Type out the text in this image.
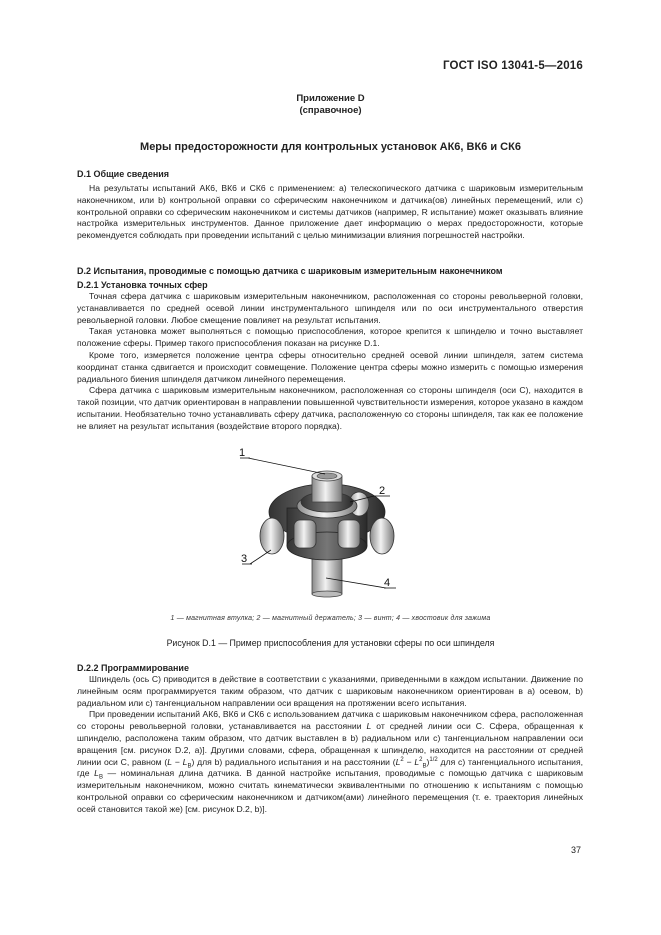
ГОСТ ISO 13041-5—2016
Приложение D
(справочное)
Меры предосторожности для контрольных установок АК6, ВК6 и СК6
D.1 Общие сведения

На результаты испытаний АК6, ВК6 и СК6 с применением: а) телескопического датчика с шариковым измерительным наконечником, или b) контрольной оправки со сферическим наконечником и датчика(ов) линейных перемещений, или с) контрольной оправки со сферическим наконечником и системы датчиков (например, R испытание) может оказывать влияние настройка измерительных инструментов. Данное приложение дает информацию о мерах предосторожности, которые рекомендуется соблюдать при проведении испытаний с целью минимизации влияния погрешностей настройки.

D.2 Испытания, проводимые с помощью датчика с шариковым измерительным наконечником
D.2.1 Установка точных сфер

Точная сфера датчика с шариковым измерительным наконечником, расположенная со стороны револьверной головки, устанавливается по средней осевой линии инструментального шпинделя или по оси инструментального отверстия револьверной головки. Любое смещение повлияет на результат испытания.

Такая установка может выполняться с помощью приспособления, которое крепится к шпинделю и точно выставляет положение сферы. Пример такого приспособления показан на рисунке D.1.

Кроме того, измеряется положение центра сферы относительно средней осевой линии шпинделя, затем система координат станка сдвигается и происходит совмещение. Положение центра сферы можно измерить с помощью измерения радиального биения шпинделя датчиком линейного перемещения.

Сфера датчика с шариковым измерительным наконечником, расположенная со стороны шпинделя (оси С), находится в такой позиции, что датчик ориентирован в направлении повышенной чувствительности измерения, которое указано в каждом испытании. Необязательно точно устанавливать сферу датчика, расположенную со стороны шпинделя, так как ее положение не влияет на результат испытания (воздействие второго порядка).

1
2
3
4
1 — магнитная втулка; 2 — магнитный держатель; 3 — винт; 4 — хвостовик для зажима
Рисунок D.1 — Пример приспособления для установки сферы по оси шпинделя
D.2.2 Программирование

Шпиндель (ось С) приводится в действие в соответствии с указаниями, приведенными в каждом испытании. Движение по линейным осям программируется таким образом, что датчик с шариковым наконечником ориентирован в а) осевом, b) радиальном или с) тангенциальном направлении оси вращения на протяжении всего испытания.

При проведении испытаний АК6, ВК6 и СК6 с использованием датчика с шариковым наконечником сфера, расположенная со стороны револьверной головки, устанавливается на расстоянии L от средней линии оси С. Сфера, обращенная к шпинделю, расположена таким образом, что датчик выставлен в b) радиальном или с) тангенциальном направлении оси вращения [см. рисунок D.2, а)]. Другими словами, сфера, обращенная к шпинделю, находится на расстоянии от средней линии оси С, равном $(L - L_B)$ для b) радиального испытания и на расстоянии $(L^2 - L^2_B)^{1/2}$ для с) тангенциального испытания, где $L_B$ — номинальная длина датчика. В данной настройке испытания, проводимые с помощью датчика с шариковым измерительным наконечником, можно считать кинематически эквивалентными по отношению к испытаниям с помощью контрольной оправки со сферическим наконечником и датчиком(ами) линейного перемещения (т. е. траектория линейных осей становится такой же) [см. рисунок D.2, b)].

37
